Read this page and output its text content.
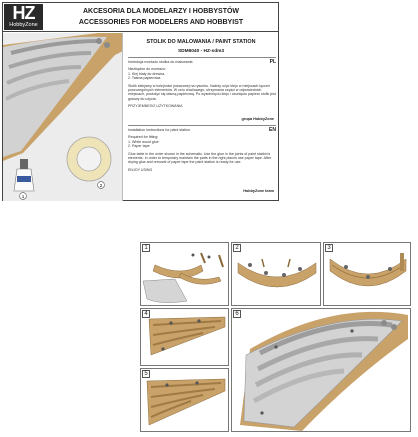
HZ
HobbyZone
AKCESORIA DLA MODELARZY I HOBBYSTÓW
ACCESSORIES FOR MODELERS AND HOBBYIST
1
2
STOLIK DO MALOWANIA / PAINT STATION
SDM6040 - HZ-sdm3
PL
Instrukcja montażu stolika do malowania
Niezbędne do montażu:
1. Klej biały do drewna.
2. Taśma papierowa.
Stolik sklejamy w kolejności pokazanej na rysunku. Należy użyć kleju w miejscach łączeń poszczególnych elementów. W celu chwilowego, utrzymania części w odpowiednich miejscach, posłużyć się taśmą papierową. Po wyschnięciu kleju i usunięciu papieru stolik jest gotowy do użycia.
PRZYJEMNEGO UŻYTKOWANIA
grupa HobbyZone
EN
Installation instructions for paint station
Required for fitting:
1. White wood glue
2. Paper tape
Glue table in the order shown in the schematic. Use the glue in the joints of paint station's elements. In order to temporary maintain the parts in the right places use paper tape. After drying glue and removal of paper tape the paint station is ready for use.
ENJOY USING
HobbyZone team
1	2	3
4
5
6
